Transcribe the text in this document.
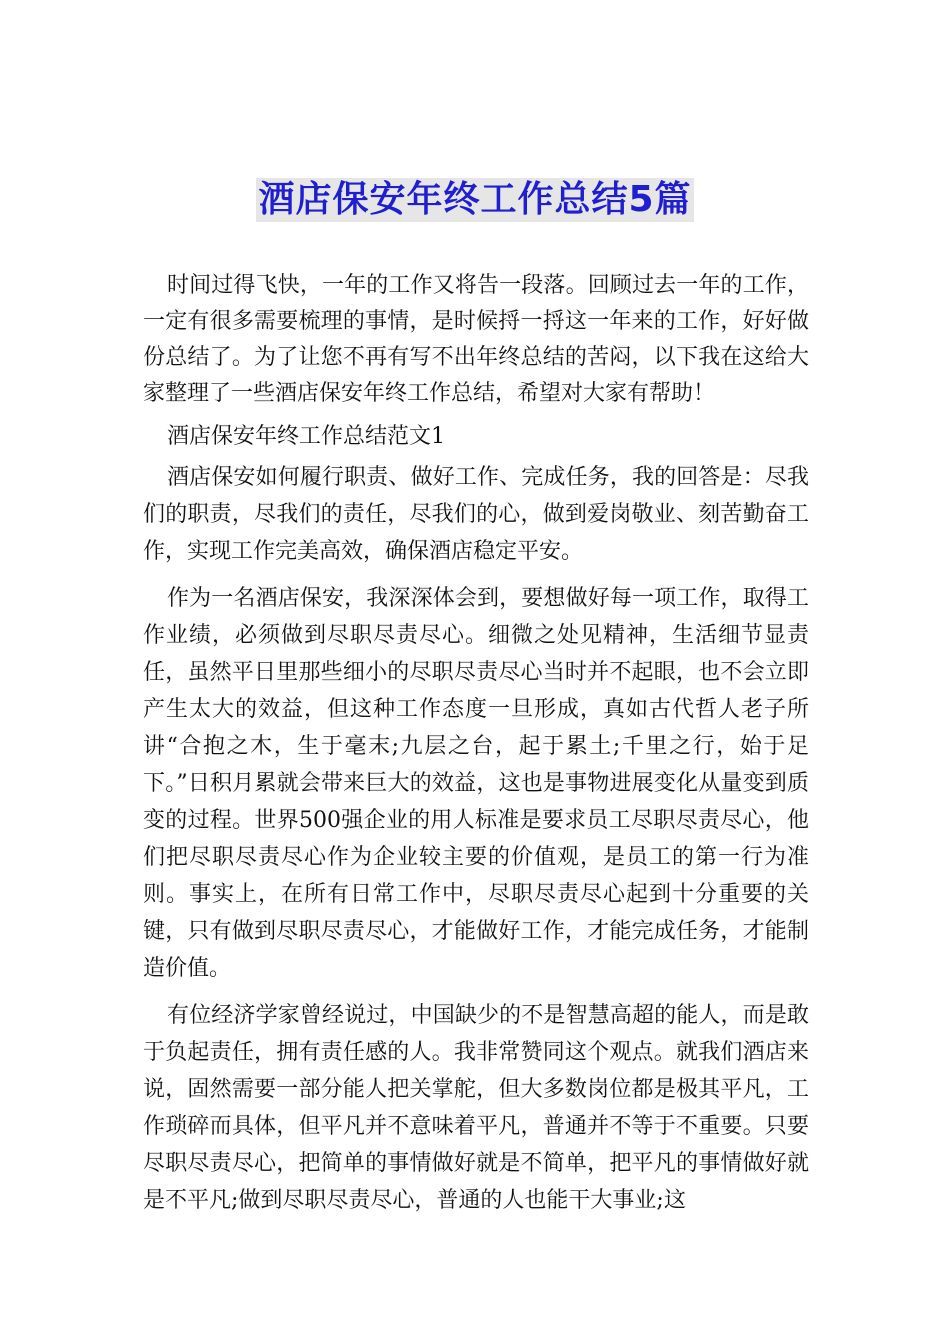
酒店保安年终工作总结5篇

时间过得飞快，一年的工作又将告一段落。回顾过去一年的工作，一定有很多需要梳理的事情，是时候捋一捋这一年来的工作，好好做份总结了。为了让您不再有写不出年终总结的苦闷，以下我在这给大家整理了一些酒店保安年终工作总结，希望对大家有帮助！

酒店保安年终工作总结范文1

酒店保安如何履行职责、做好工作、完成任务，我的回答是：尽我们的职责，尽我们的责任，尽我们的心，做到爱岗敬业、刻苦勤奋工作，实现工作完美高效，确保酒店稳定平安。

作为一名酒店保安，我深深体会到，要想做好每一项工作，取得工作业绩，必须做到尽职尽责尽心。细微之处见精神，生活细节显责任，虽然平日里那些细小的尽职尽责尽心当时并不起眼，也不会立即产生太大的效益，但这种工作态度一旦形成，真如古代哲人老子所讲“合抱之木，生于毫末;九层之台，起于累土;千里之行，始于足下。”日积月累就会带来巨大的效益，这也是事物进展变化从量变到质变的过程。世界500强企业的用人标准是要求员工尽职尽责尽心，他们把尽职尽责尽心作为企业较主要的价值观，是员工的第一行为准则。事实上，在所有日常工作中，尽职尽责尽心起到十分重要的关键，只有做到尽职尽责尽心，才能做好工作，才能完成任务，才能制造价值。

有位经济学家曾经说过，中国缺少的不是智慧高超的能人，而是敢于负起责任，拥有责任感的人。我非常赞同这个观点。就我们酒店来说，固然需要一部分能人把关掌舵，但大多数岗位都是极其平凡，工作琐碎而具体，但平凡并不意味着平凡，普通并不等于不重要。只要尽职尽责尽心，把简单的事情做好就是不简单，把平凡的事情做好就是不平凡;做到尽职尽责尽心，普通的人也能干大事业;这
